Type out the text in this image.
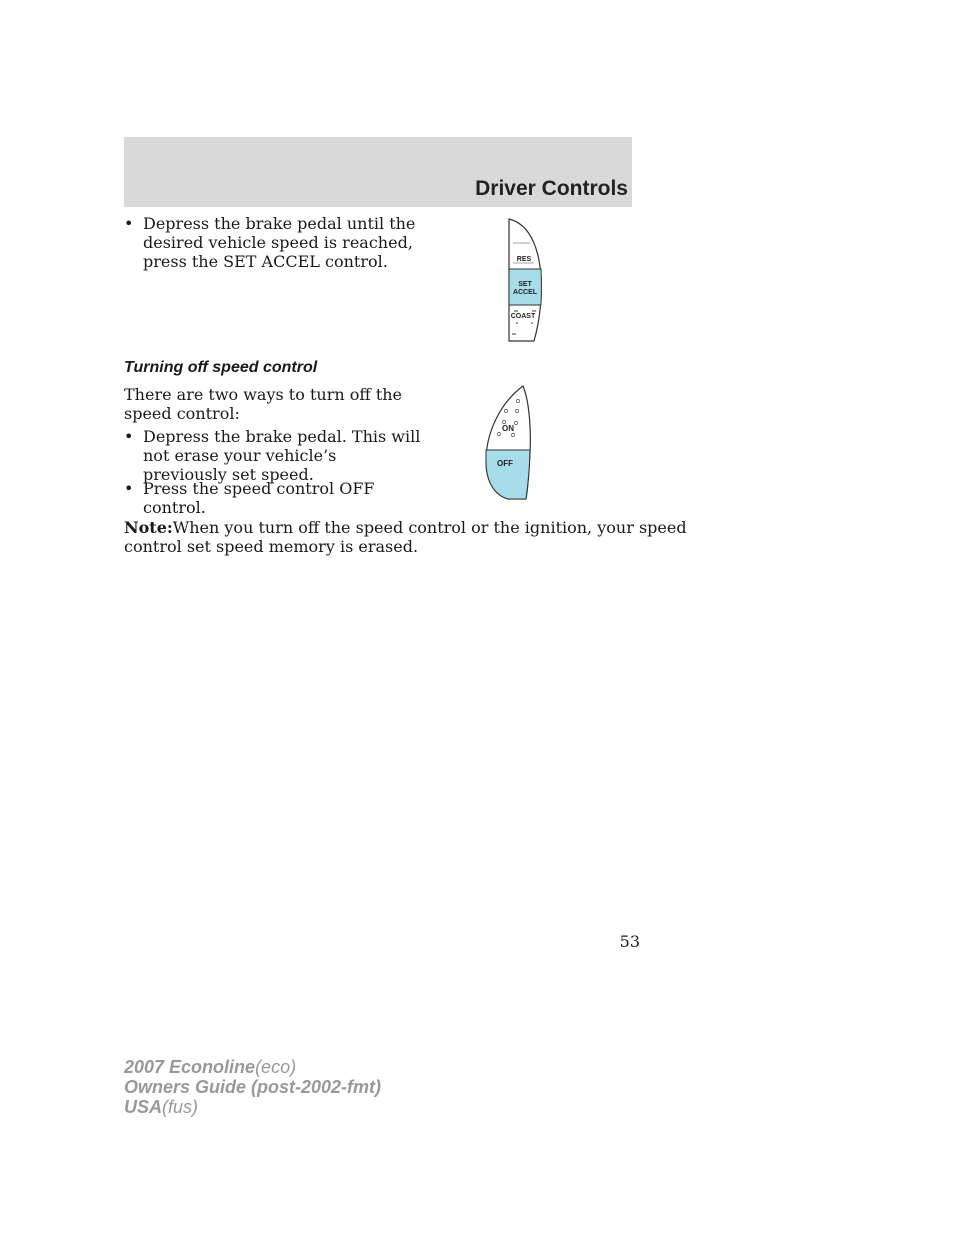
Driver Controls
• Depress the brake pedal until the
desired vehicle speed is reached,
press the SET ACCEL control.	RES
SET
ACCEL
COAST
Turning off speed control
There are two ways to turn off the
speed control:
• Depress the brake pedal. This will
not erase your vehicle’s
previously set speed.
• Press the speed control OFF
control.
ON
OFF
Note:When you turn off the speed control or the ignition, your speed
control set speed memory is erased.
53
2007 Econoline(eco)
Owners Guide (post-2002-fmt)
USA(fus)
